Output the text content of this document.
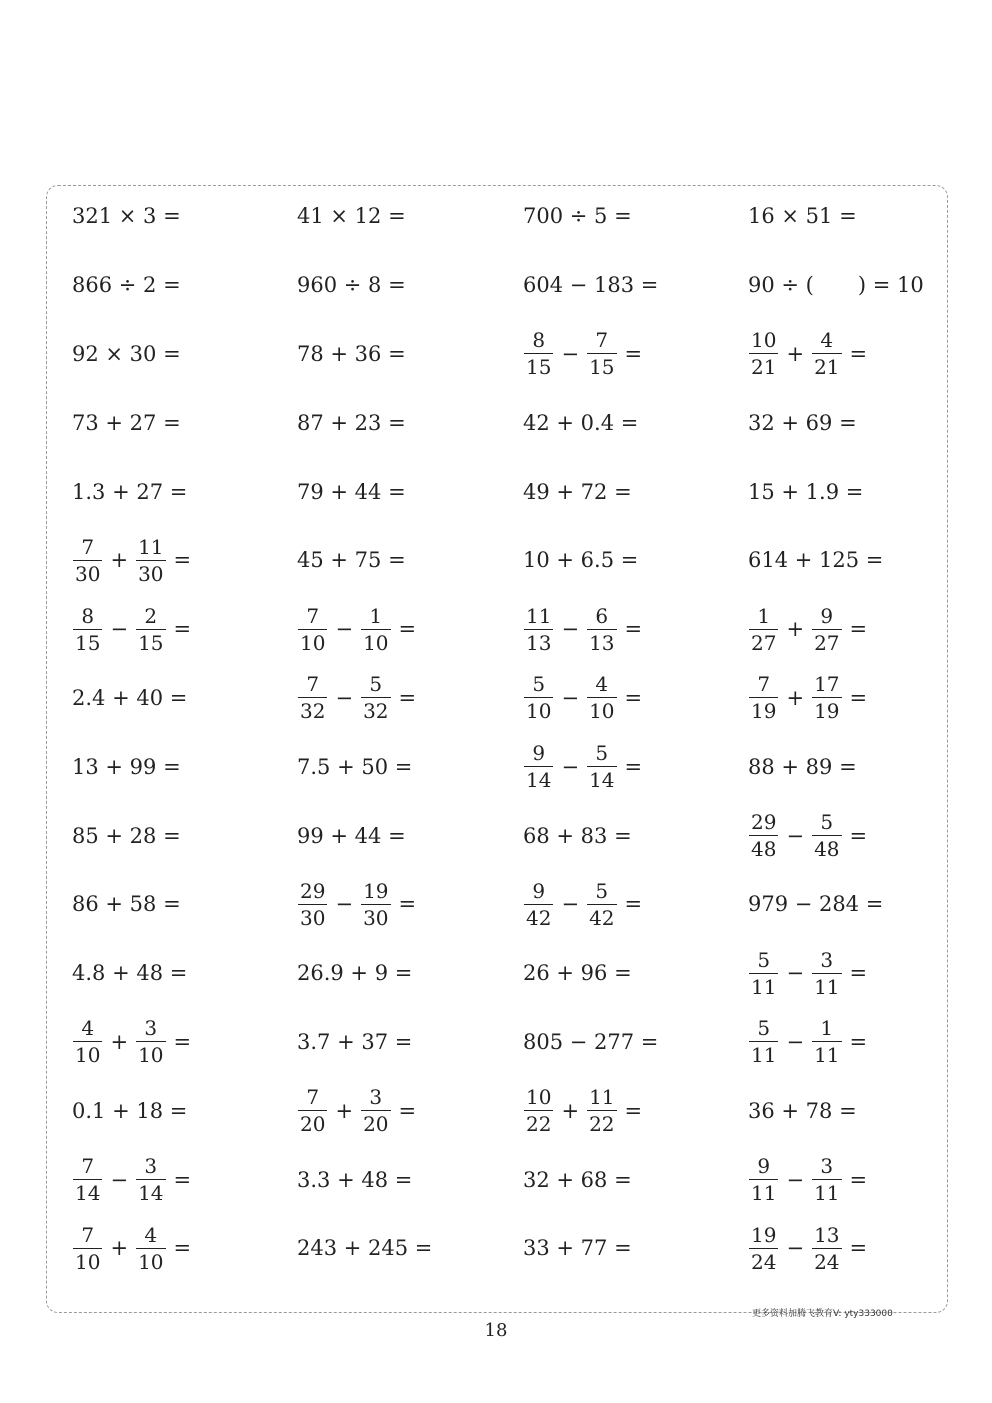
321 × 3 =	41 × 12 =	700 ÷ 5 =	16 × 51 =
866 ÷ 2 =	960 ÷ 8 =	604 − 183 =	90 ÷ ( ) = 10
92 × 30 =	78 + 36 =	$\frac{8}{15} - \frac{7}{15}$ =	$\frac{10}{21} + \frac{4}{21}$ =
73 + 27 =	87 + 23 =	42 + 0.4 =	32 + 69 =
1.3 + 27 =	79 + 44 =	49 + 72 =	15 + 1.9 =
$\frac{7}{30} + \frac{11}{30}$ =	45 + 75 =	10 + 6.5 =	614 + 125 =
$\frac{8}{15} - \frac{2}{15}$ =	$\frac{7}{10} - \frac{1}{10}$ =	$\frac{11}{13} - \frac{6}{13}$ =	$\frac{1}{27} + \frac{9}{27}$ =
2.4 + 40 =	$\frac{7}{32} - \frac{5}{32}$ =	$\frac{5}{10} - \frac{4}{10}$ =	$\frac{7}{19} + \frac{17}{19}$ =
13 + 99 =	7.5 + 50 =	$\frac{9}{14} - \frac{5}{14}$ =	88 + 89 =
85 + 28 =	99 + 44 =	68 + 83 =	$\frac{29}{48} - \frac{5}{48}$ =
86 + 58 =	$\frac{29}{30} - \frac{19}{30}$ =	$\frac{9}{42} - \frac{5}{42}$ =	979 − 284 =
4.8 + 48 =	26.9 + 9 =	26 + 96 =	$\frac{5}{11} - \frac{3}{11}$ =
$\frac{4}{10} + \frac{3}{10}$ =	3.7 + 37 =	805 − 277 =	$\frac{5}{11} - \frac{1}{11}$ =
0.1 + 18 =	$\frac{7}{20} + \frac{3}{20}$ =	$\frac{10}{22} + \frac{11}{22}$ =	36 + 78 =
$\frac{7}{14} - \frac{3}{14}$ =	3.3 + 48 =	32 + 68 =	$\frac{9}{11} - \frac{3}{11}$ =
$\frac{7}{10} + \frac{4}{10}$ =	243 + 245 =	33 + 77 =	$\frac{19}{24} - \frac{13}{24}$ =
更多资料加腾飞教育V: yty333000
18
